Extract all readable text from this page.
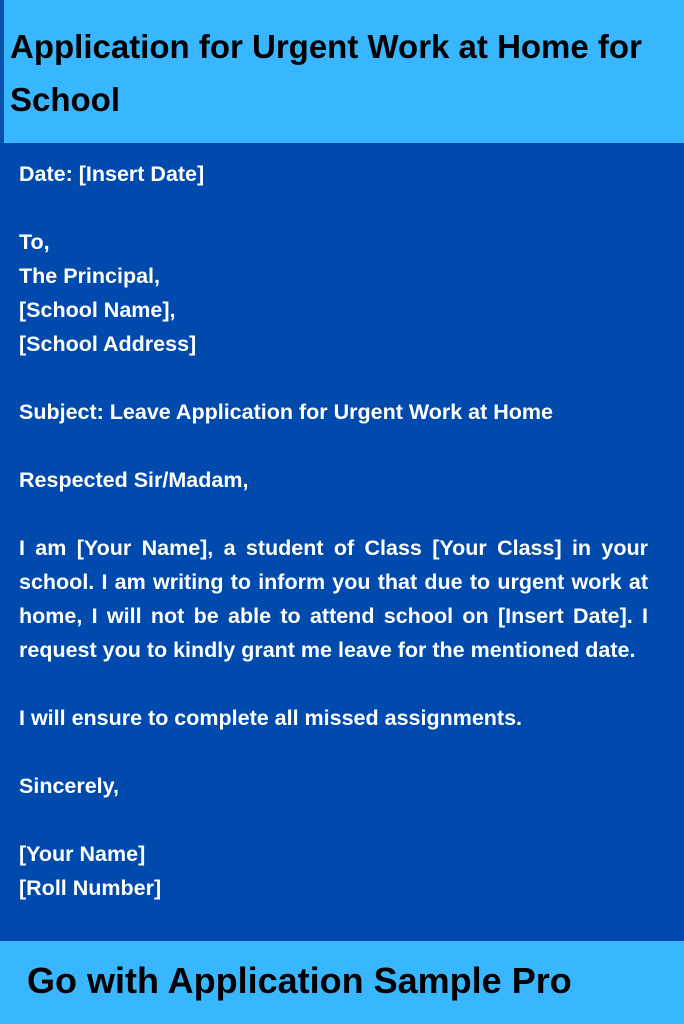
Application for Urgent Work at Home for School

Date: [Insert Date]

To,

The Principal,

[School Name],

[School Address]

Subject: Leave Application for Urgent Work at Home

Respected Sir/Madam,

I am [Your Name], a student of Class [Your Class] in your school. I am writing to inform you that due to urgent work at home, I will not be able to attend school on [Insert Date]. I request you to kindly grant me leave for the mentioned date.

I will ensure to complete all missed assignments.

Sincerely,

[Your Name]

[Roll Number]

Go with Application Sample Pro
